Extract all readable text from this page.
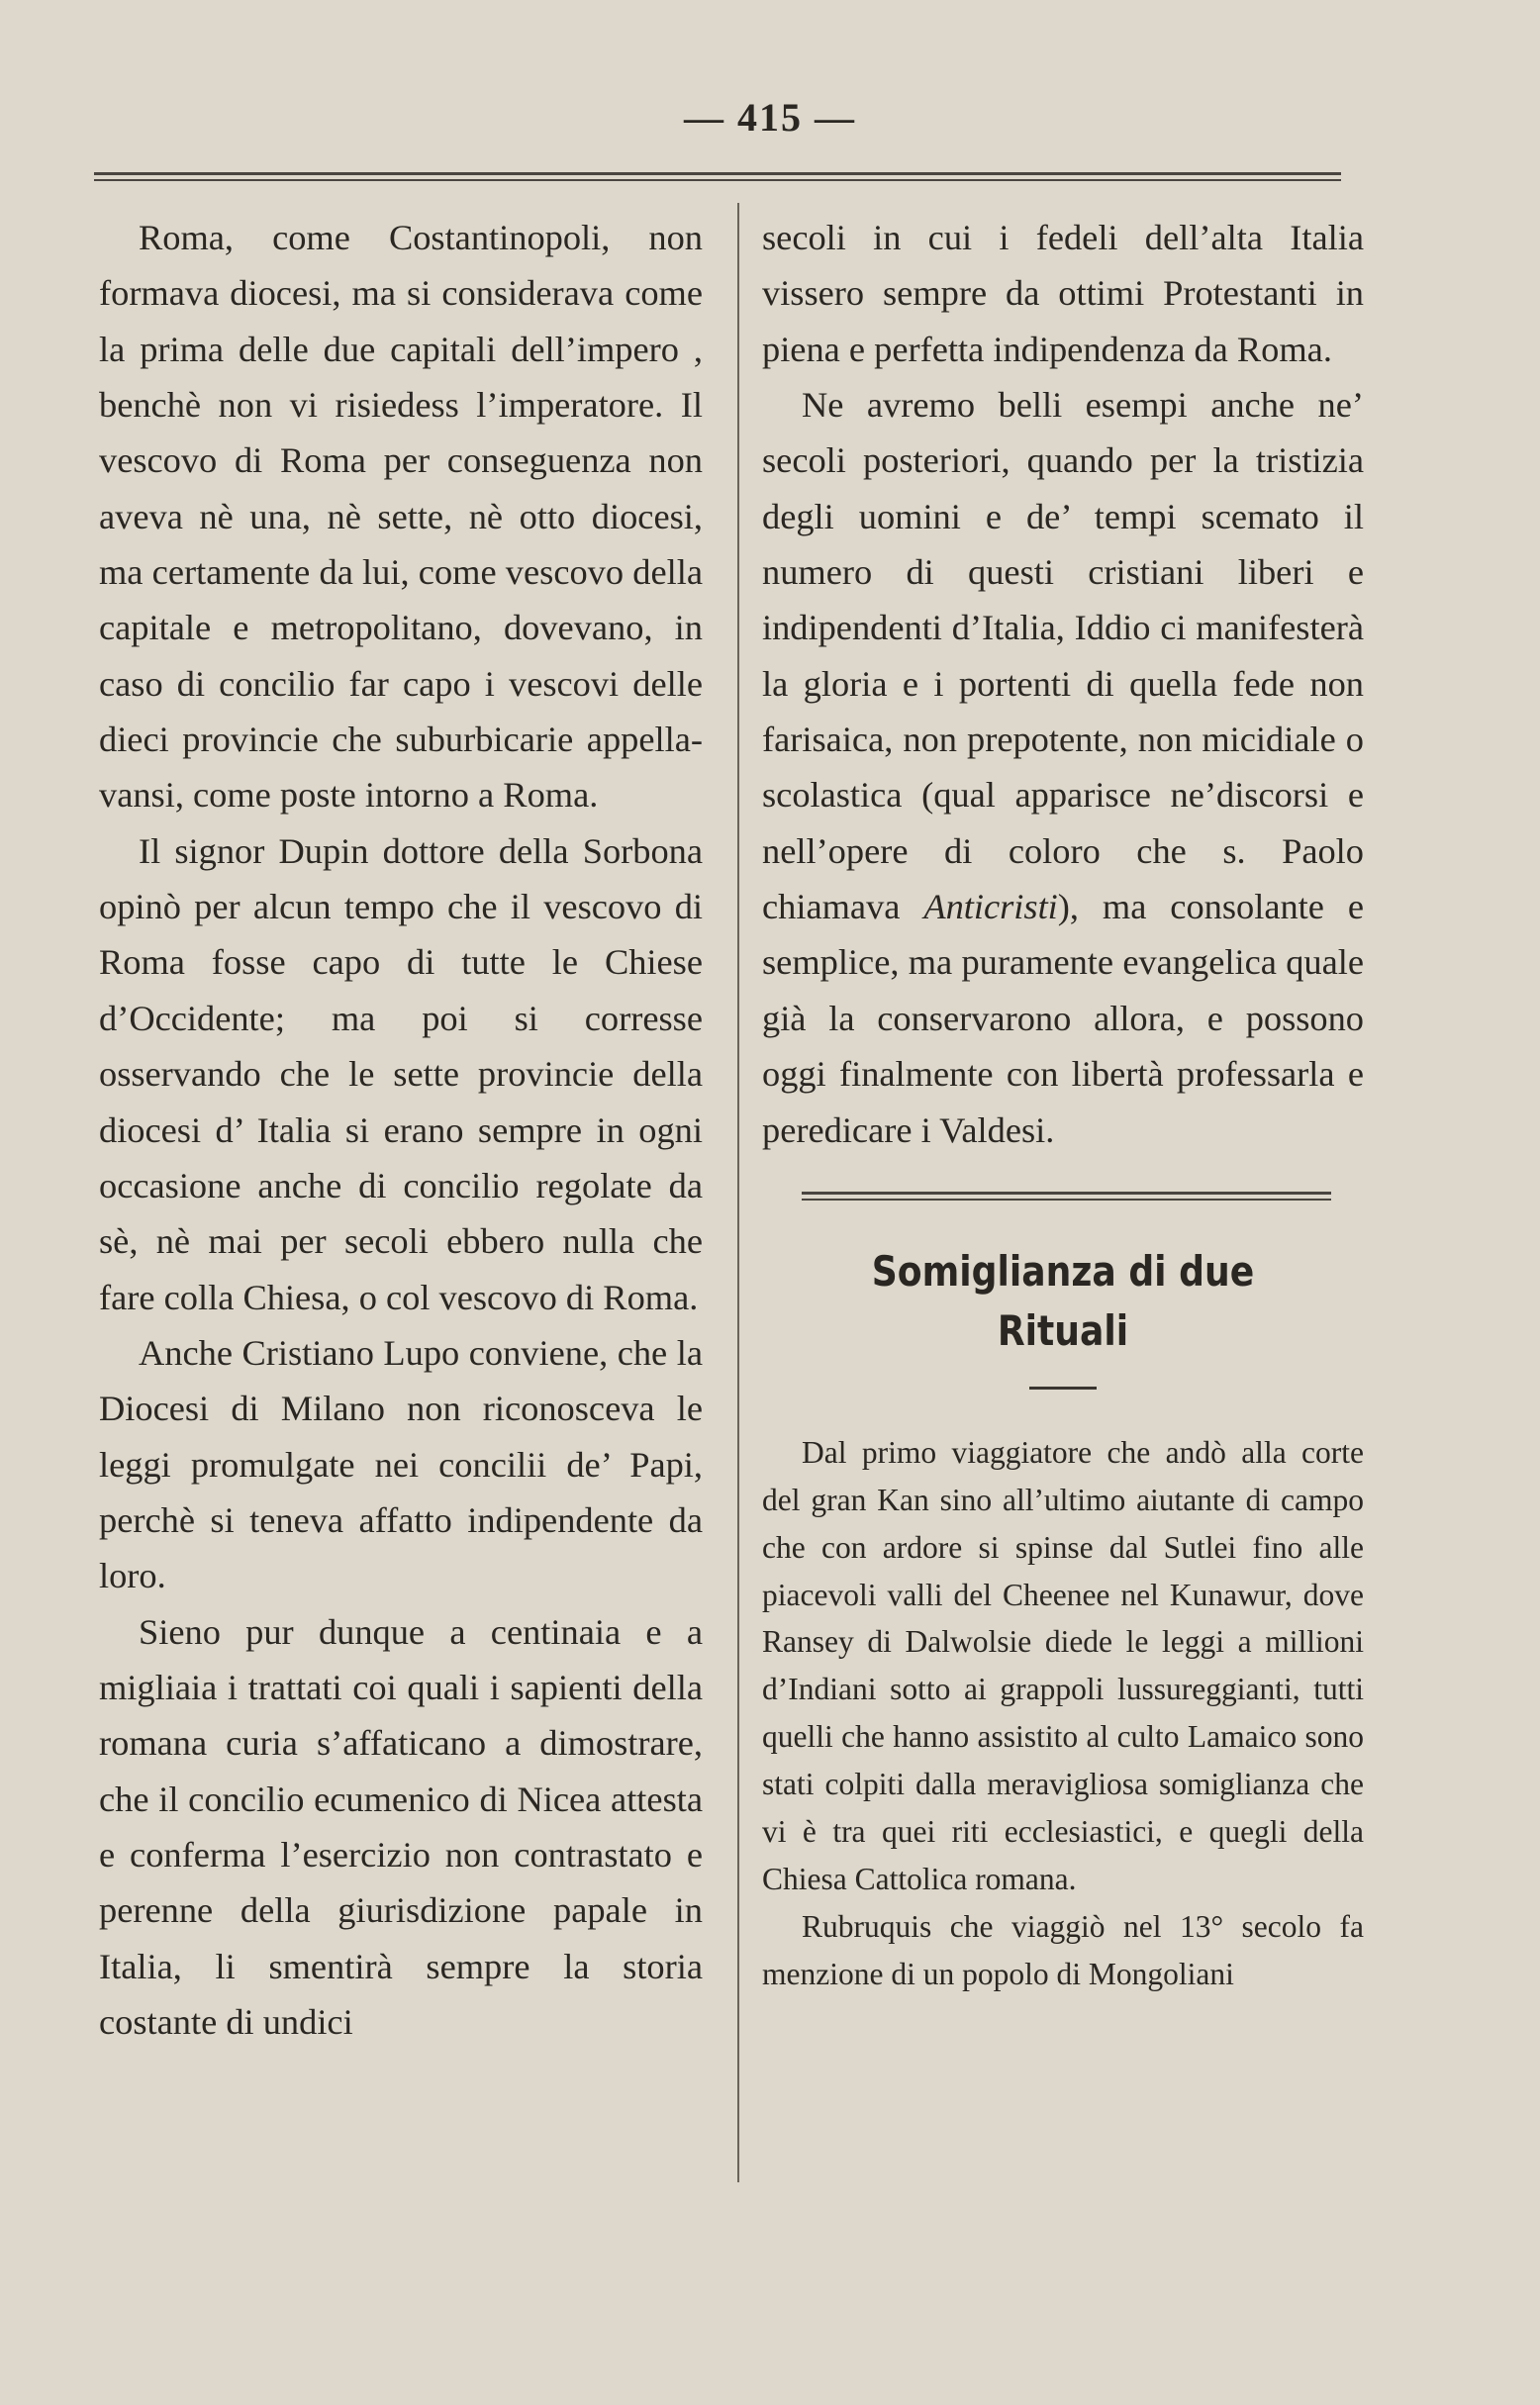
— 415 —

Roma, come Costantinopoli, non formava diocesi, ma si considerava come la prima delle due capitali dell’impero , benchè non vi risiedess l’imperatore. Il vescovo di Roma per conseguenza non aveva nè una, nè sette, nè otto diocesi, ma certamente da lui, come vescovo della capitale e metropolitano, dovevano, in caso di concilio far capo i vescovi delle dieci provincie che suburbicarie appellavansi, come poste intorno a Roma.

Il signor Dupin dottore della Sorbona opinò per alcun tempo che il vescovo di Roma fosse capo di tutte le Chiese d’Occidente; ma poi si corresse osservando che le sette provincie della diocesi d’ Italia si erano sempre in ogni occasione anche di concilio regolate da sè, nè mai per secoli ebbero nulla che fare colla Chiesa, o col vescovo di Roma.

Anche Cristiano Lupo conviene, che la Diocesi di Milano non riconosceva le leggi promulgate nei concilii de’ Papi, perchè si teneva affatto indipendente da loro.

Sieno pur dunque a centinaia e a migliaia i trattati coi quali i sapienti della romana curia s’affaticano a dimostrare, che il concilio ecumenico di Nicea attesta e conferma l’esercizio non contrastato e perenne della giurisdizione papale in Italia, li smentirà sempre la storia costante di undici

secoli in cui i fedeli dell’alta Italia vissero sempre da ottimi Protestanti in piena e perfetta indipendenza da Roma.

Ne avremo belli esempi anche ne’ secoli posteriori, quando per la tristizia degli uomini e de’ tempi scemato il numero di questi cristiani liberi e indipendenti d’Italia, Iddio ci manifesterà la gloria e i portenti di quella fede non farisaica, non prepotente, non micidiale o scolastica (qual apparisce ne’discorsi e nell’opere di coloro che s. Paolo chiamava Anticristi), ma consolante e semplice, ma puramente evangelica quale già la conservarono allora, e possono oggi finalmente con libertà professarla e peredicare i Valdesi.

Somiglianza di due Rituali

Dal primo viaggiatore che andò alla corte del gran Kan sino all’ultimo aiutante di campo che con ardore si spinse dal Sutlei fino alle piacevoli valli del Cheenee nel Kunawur, dove Ransey di Dalwolsie diede le leggi a millioni d’Indiani sotto ai grappoli lussureggianti, tutti quelli che hanno assistito al culto Lamaico sono stati colpiti dalla meravigliosa somiglianza che vi è tra quei riti ecclesiastici, e quegli della Chiesa Cattolica romana.

Rubruquis che viaggiò nel 13° secolo fa menzione di un popolo di Mongoliani
